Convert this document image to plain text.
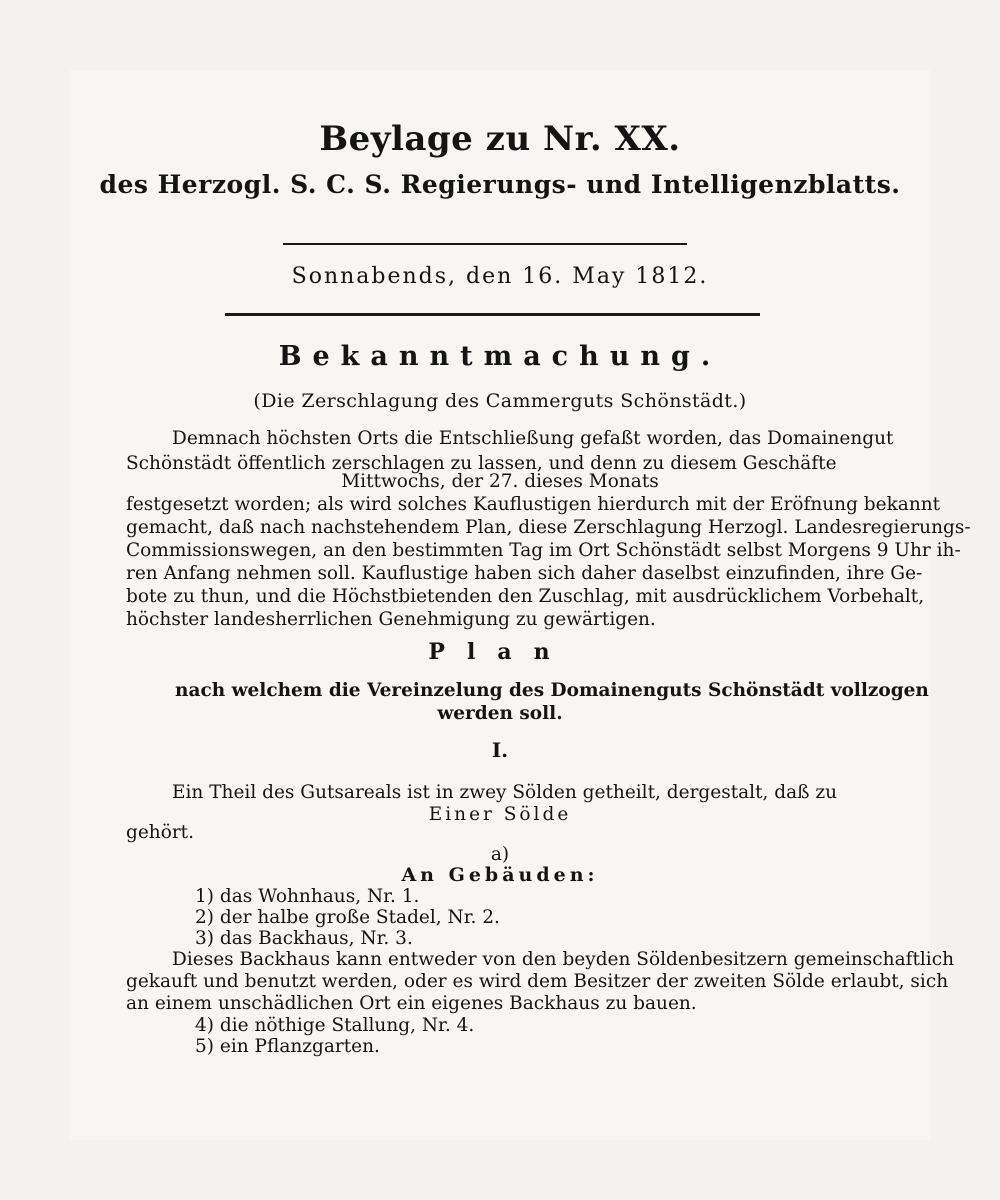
Beylage zu Nr. XX.
des Herzogl. S. C. S. Regierungs- und Intelligenzblatts.
Sonnabends, den 16. May 1812.
Bekanntmachung.
(Die Zerschlagung des Cammerguts Schönstädt.)
Demnach höchsten Orts die Entschließung gefaßt worden, das Domainengut
Schönstädt öffentlich zerschlagen zu lassen, und denn zu diesem Geschäfte
Mittwochs, der 27. dieses Monats
festgesetzt worden; als wird solches Kauflustigen hierdurch mit der Eröfnung bekannt
gemacht, daß nach nachstehendem Plan, diese Zerschlagung Herzogl. Landesregierungs-
Commissionswegen, an den bestimmten Tag im Ort Schönstädt selbst Morgens 9 Uhr ih-
ren Anfang nehmen soll. Kauflustige haben sich daher daselbst einzufinden, ihre Ge-
bote zu thun, und die Höchstbietenden den Zuschlag, mit ausdrücklichem Vorbehalt,
höchster landesherrlichen Genehmigung zu gewärtigen.
Plan
nach welchem die Vereinzelung des Domainenguts Schönstädt vollzogen
werden soll.
I.
Ein Theil des Gutsareals ist in zwey Sölden getheilt, dergestalt, daß zu
Einer Sölde
gehört.
a)
An Gebäuden:
1) das Wohnhaus, Nr. 1.
2) der halbe große Stadel, Nr. 2.
3) das Backhaus, Nr. 3.
Dieses Backhaus kann entweder von den beyden Söldenbesitzern gemeinschaftlich
gekauft und benutzt werden, oder es wird dem Besitzer der zweiten Sölde erlaubt, sich
an einem unschädlichen Ort ein eigenes Backhaus zu bauen.
4) die nöthige Stallung, Nr. 4.
5) ein Pflanzgarten.
